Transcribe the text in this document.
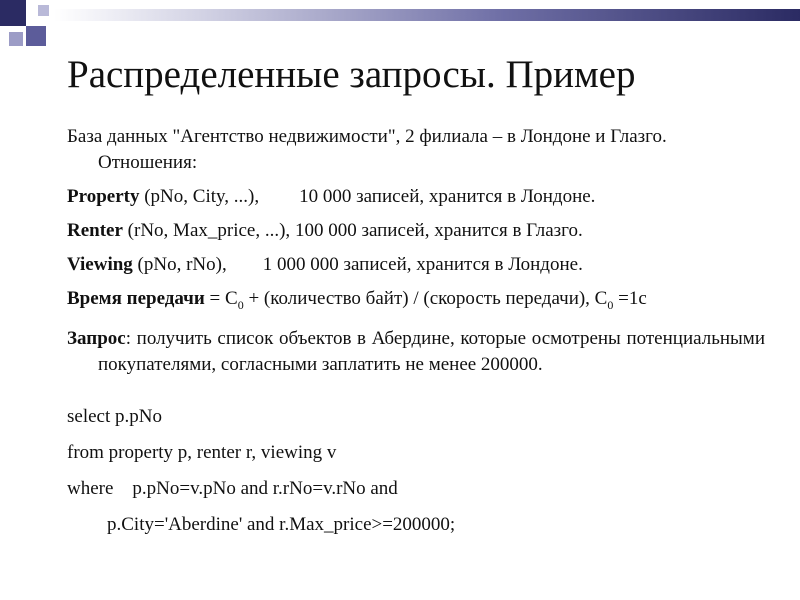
Распределенные запросы. Пример

База данных "Агентство недвижимости", 2 филиала – в Лондоне и Глазго. Отношения:

Property (pNo, City, ...), 10 000 записей, хранится в Лондоне.

Renter (rNo, Max_price, ...), 100 000 записей, хранится в Глазго.

Viewing (pNo, rNo), 1 000 000 записей, хранится в Лондоне.

Время передачи = $C_0$ + (количество байт) / (скорость передачи), $C_0 =1c$

Запрос: получить список объектов в Абердине, которые осмотрены потенциальными покупателями, согласными заплатить не менее 200000.

select p.pNo
from property p, renter r, viewing v
where    p.pNo=v.pNo and r.rNo=v.rNo and
p.City='Aberdine' and r.Max_price>=200000;
